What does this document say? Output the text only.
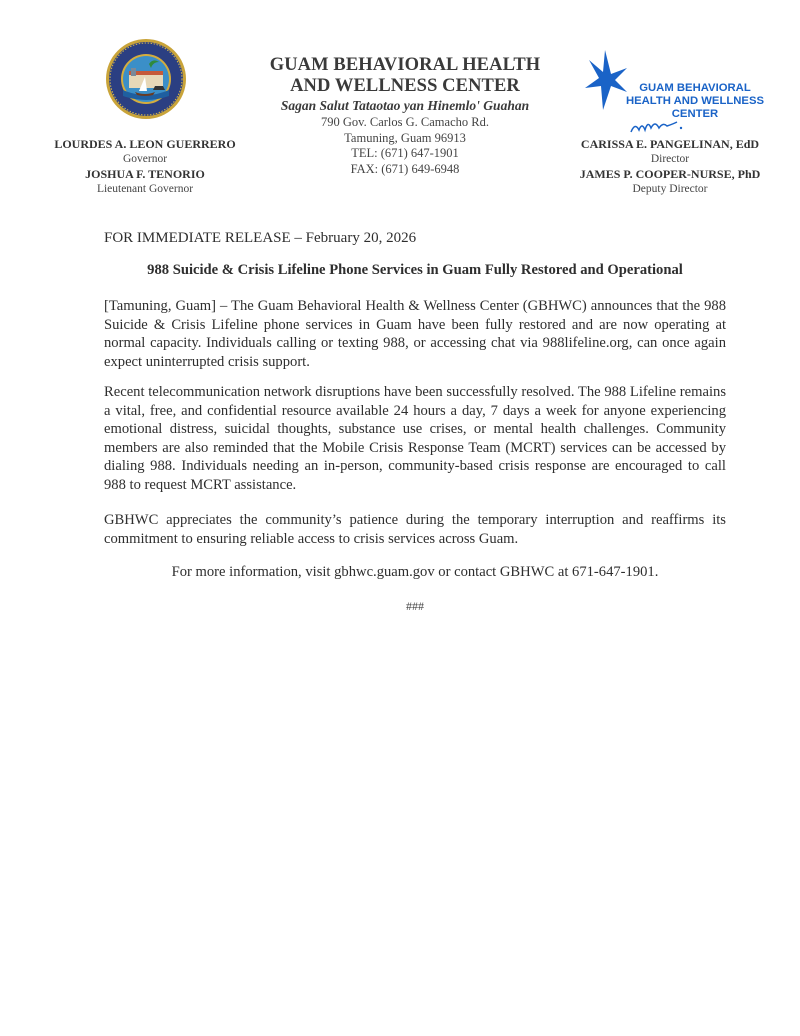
LOURDES A. LEON GUERRERO
Governor
JOSHUA F. TENORIO
Lieutenant Governor
GUAM BEHAVIORAL HEALTH
AND WELLNESS CENTER
Sagan Salut Tataotao yan Hinemlo' Guahan
790 Gov. Carlos G. Camacho Rd.
Tamuning, Guam 96913
TEL: (671) 647-1901
FAX: (671) 649-6948
GUAM BEHAVIORAL
HEALTH AND WELLNESS
CENTER
CARISSA E. PANGELINAN, EdD
Director
JAMES P. COOPER-NURSE, PhD
Deputy Director
FOR IMMEDIATE RELEASE – February 20, 2026
988 Suicide & Crisis Lifeline Phone Services in Guam Fully Restored and Operational

[Tamuning, Guam] – The Guam Behavioral Health & Wellness Center (GBHWC) announces that the 988 Suicide & Crisis Lifeline phone services in Guam have been fully restored and are now operating at normal capacity. Individuals calling or texting 988, or accessing chat via 988lifeline.org, can once again expect uninterrupted crisis support.

Recent telecommunication network disruptions have been successfully resolved. The 988 Lifeline remains a vital, free, and confidential resource available 24 hours a day, 7 days a week for anyone experiencing emotional distress, suicidal thoughts, substance use crises, or mental health challenges. Community members are also reminded that the Mobile Crisis Response Team (MCRT) services can be accessed by dialing 988. Individuals needing an in-person, community-based crisis response are encouraged to call 988 to request MCRT assistance.

GBHWC appreciates the community’s patience during the temporary interruption and reaffirms its commitment to ensuring reliable access to crisis services across Guam.

For more information, visit gbhwc.guam.gov or contact GBHWC at 671-647-1901.
###
